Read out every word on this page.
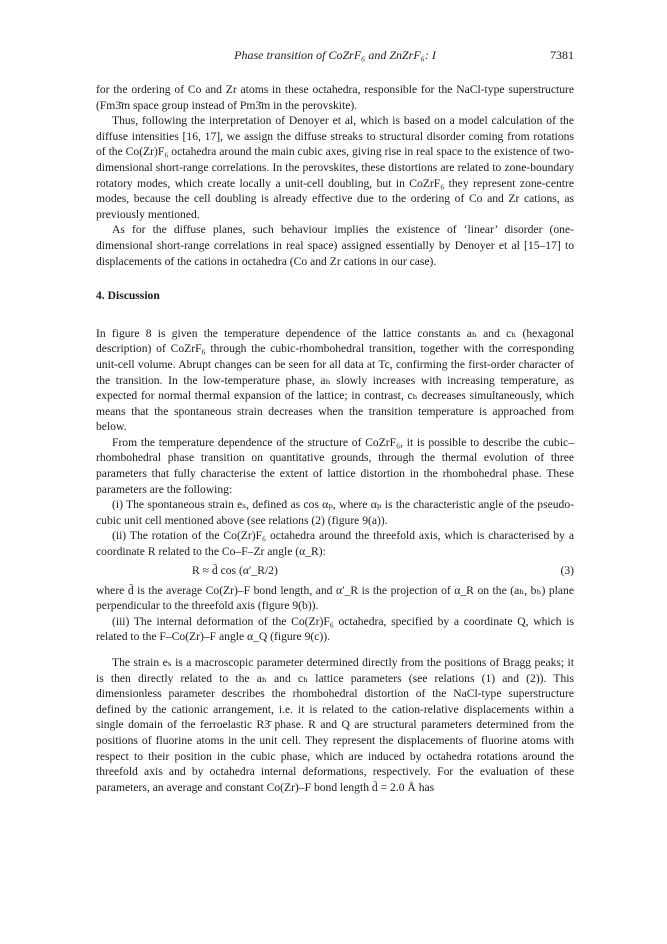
Phase transition of CoZrF₆ and ZnZrF₆: I	7381

for the ordering of Co and Zr atoms in these octahedra, responsible for the NaCl-type superstructure (Fm3̄m space group instead of Pm3̄m in the perovskite).

Thus, following the interpretation of Denoyer et al, which is based on a model calculation of the diffuse intensities [16, 17], we assign the diffuse streaks to structural disorder coming from rotations of the Co(Zr)F₆ octahedra around the main cubic axes, giving rise in real space to the existence of two-dimensional short-range correlations. In the perovskites, these distortions are related to zone-boundary rotatory modes, which create locally a unit-cell doubling, but in CoZrF₆ they represent zone-centre modes, because the cell doubling is already effective due to the ordering of Co and Zr cations, as previously mentioned.

As for the diffuse planes, such behaviour implies the existence of ‘linear’ disorder (one-dimensional short-range correlations in real space) assigned essentially by Denoyer et al [15–17] to displacements of the cations in octahedra (Co and Zr cations in our case).

4. Discussion

In figure 8 is given the temperature dependence of the lattice constants aₕ and cₕ (hexagonal description) of CoZrF₆ through the cubic-rhombohedral transition, together with the corresponding unit-cell volume. Abrupt changes can be seen for all data at Tc, confirming the first-order character of the transition. In the low-temperature phase, aₕ slowly increases with increasing temperature, as expected for normal thermal expansion of the lattice; in contrast, cₕ decreases simultaneously, which means that the spontaneous strain decreases when the transition temperature is approached from below.

From the temperature dependence of the structure of CoZrF₆, it is possible to describe the cubic–rhombohedral phase transition on quantitative grounds, through the thermal evolution of three parameters that fully characterise the extent of lattice distortion in the rhombohedral phase. These parameters are the following:

(i) The spontaneous strain eₛ, defined as cos αₚ, where αₚ is the characteristic angle of the pseudo-cubic unit cell mentioned above (see relations (2) (figure 9(a)).

(ii) The rotation of the Co(Zr)F₆ octahedra around the threefold axis, which is characterised by a coordinate R related to the Co–F–Zr angle (α_R):

R ≈ d̄ cos (α′_R/2)	(3)

where d̄ is the average Co(Zr)–F bond length, and α′_R is the projection of α_R on the (aₕ, bₕ) plane perpendicular to the threefold axis (figure 9(b)).

(iii) The internal deformation of the Co(Zr)F₆ octahedra, specified by a coordinate Q, which is related to the F–Co(Zr)–F angle α_Q (figure 9(c)).

The strain eₛ is a macroscopic parameter determined directly from the positions of Bragg peaks; it is then directly related to the aₕ and cₕ lattice parameters (see relations (1) and (2)). This dimensionless parameter describes the rhombohedral distortion of the NaCl-type superstructure defined by the cationic arrangement, i.e. it is related to the cation-relative displacements within a single domain of the ferroelastic R3̄ phase. R and Q are structural parameters determined from the positions of fluorine atoms in the unit cell. They represent the displacements of fluorine atoms with respect to their position in the cubic phase, which are induced by octahedra rotations around the threefold axis and by octahedra internal deformations, respectively. For the evaluation of these parameters, an average and constant Co(Zr)–F bond length d̄ = 2.0 Å has
